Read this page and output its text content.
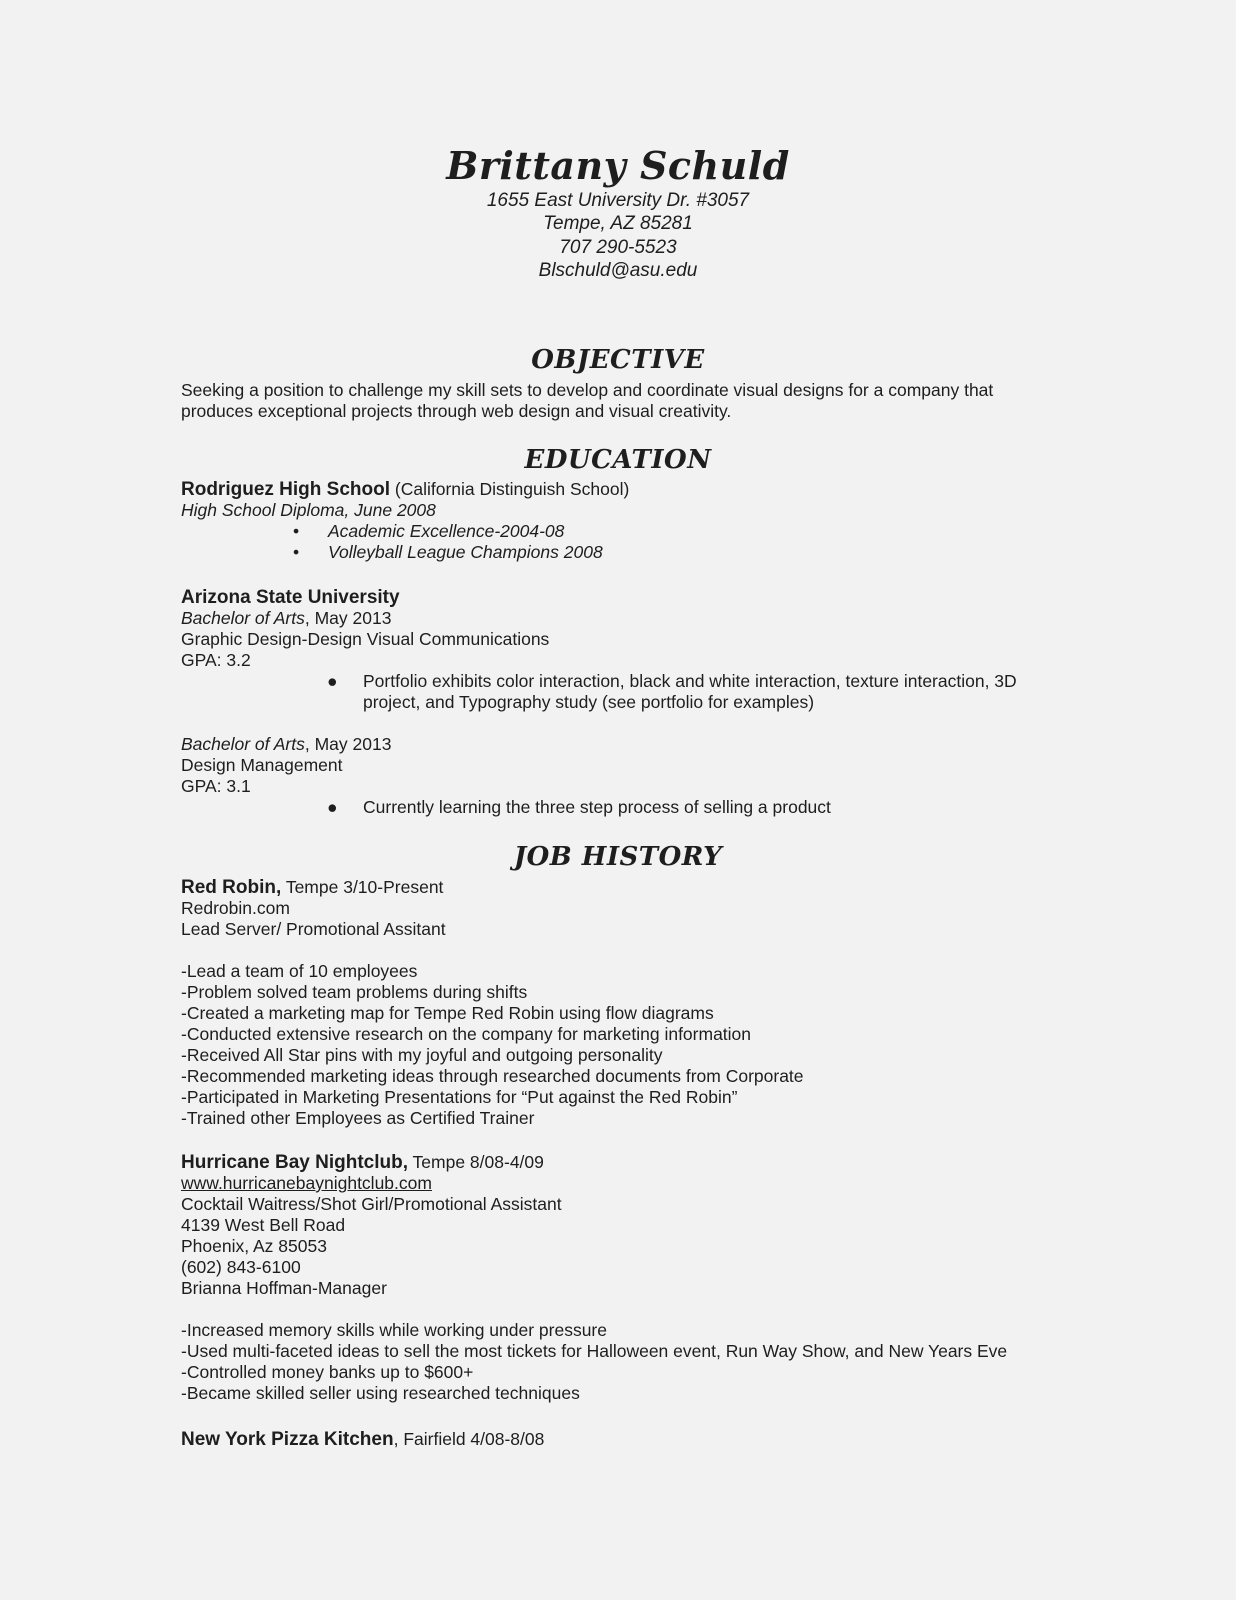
Brittany Schuld
1655 East University Dr. #3057
Tempe, AZ 85281
707 290-5523
Blschuld@asu.edu
OBJECTIVE
Seeking a position to challenge my skill sets to develop and coordinate visual designs for a company that
produces exceptional projects through web design and visual creativity.
EDUCATION
Rodriguez High School (California Distinguish School)
High School Diploma, June 2008
•	Academic Excellence-2004-08
•	Volleyball League Champions 2008
Arizona State University
Bachelor of Arts, May 2013
Graphic Design-Design Visual Communications
GPA: 3.2
●	Portfolio exhibits color interaction, black and white interaction, texture interaction, 3D project, and Typography study (see portfolio for examples)
Bachelor of Arts, May 2013
Design Management
GPA: 3.1
●	Currently learning the three step process of selling a product
JOB HISTORY
Red Robin, Tempe 3/10-Present
Redrobin.com
Lead Server/ Promotional Assitant
-Lead a team of 10 employees
-Problem solved team problems during shifts
-Created a marketing map for Tempe Red Robin using flow diagrams
-Conducted extensive research on the company for marketing information
-Received All Star pins with my joyful and outgoing personality
-Recommended marketing ideas through researched documents from Corporate
-Participated in Marketing Presentations for “Put against the Red Robin”
-Trained other Employees as Certified Trainer
Hurricane Bay Nightclub, Tempe 8/08-4/09
www.hurricanebaynightclub.com
Cocktail Waitress/Shot Girl/Promotional Assistant
4139 West Bell Road
Phoenix, Az 85053
(602) 843-6100
Brianna Hoffman-Manager
-Increased memory skills while working under pressure
-Used multi-faceted ideas to sell the most tickets for Halloween event, Run Way Show, and New Years Eve
-Controlled money banks up to $600+
-Became skilled seller using researched techniques
New York Pizza Kitchen, Fairfield 4/08-8/08
